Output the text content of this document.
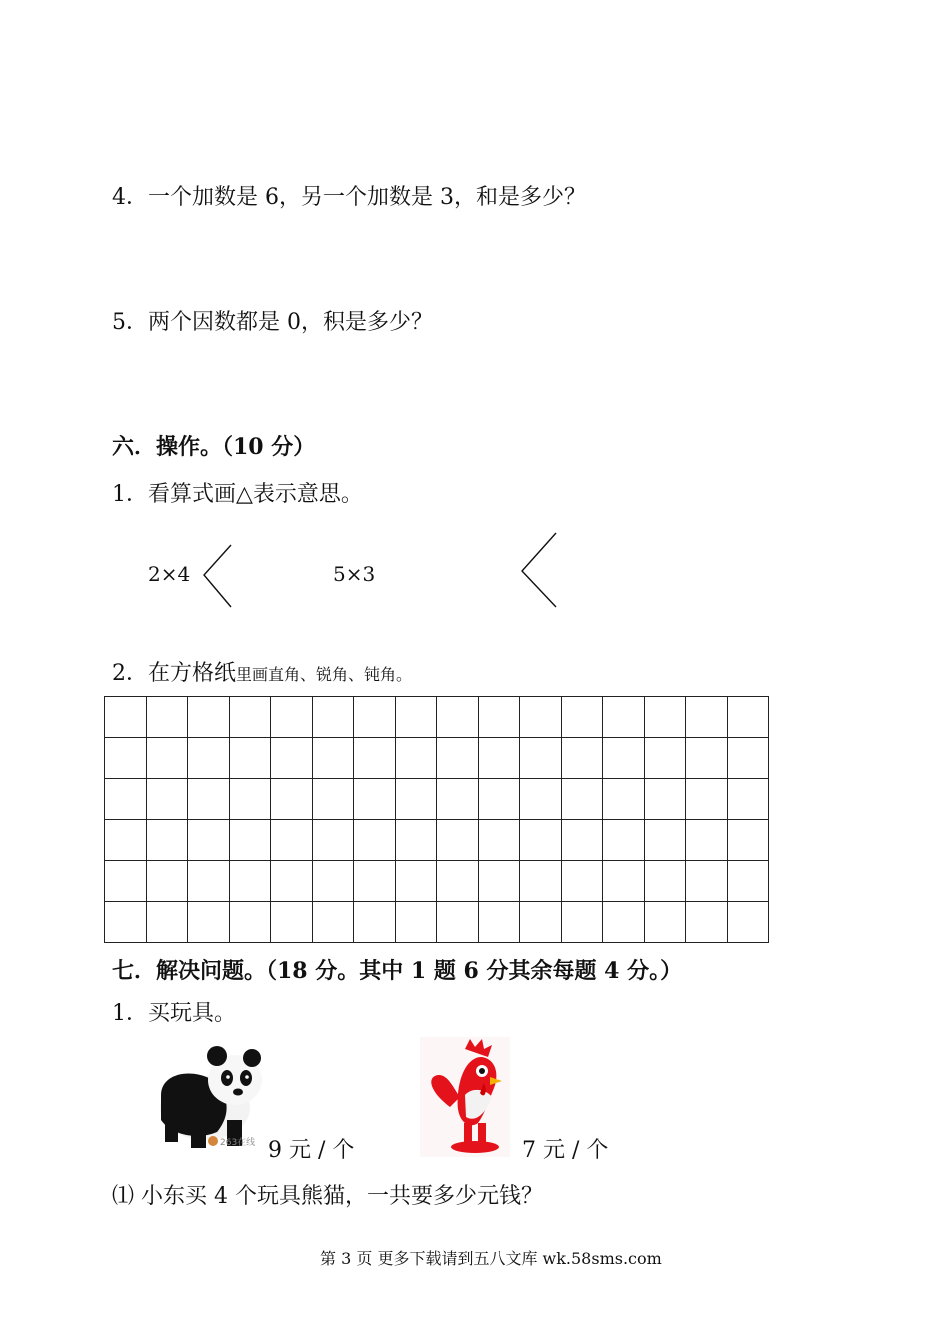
4．一个加数是 6，另一个加数是 3，和是多少？
5．两个因数都是 0，积是多少？
六．操作。（10 分）
1．看算式画△表示意思。
2×4	5×3
2．在方格纸里画直角、锐角、钝角。

七．解决问题。（18 分。其中 1 题 6 分其余每题 4 分。）
1．买玩具。
263在线 9 元 / 个	7 元 / 个
⑴ 小东买 4 个玩具熊猫，一共要多少元钱？
第 3 页 更多下载请到五八文库 wk.58sms.com
